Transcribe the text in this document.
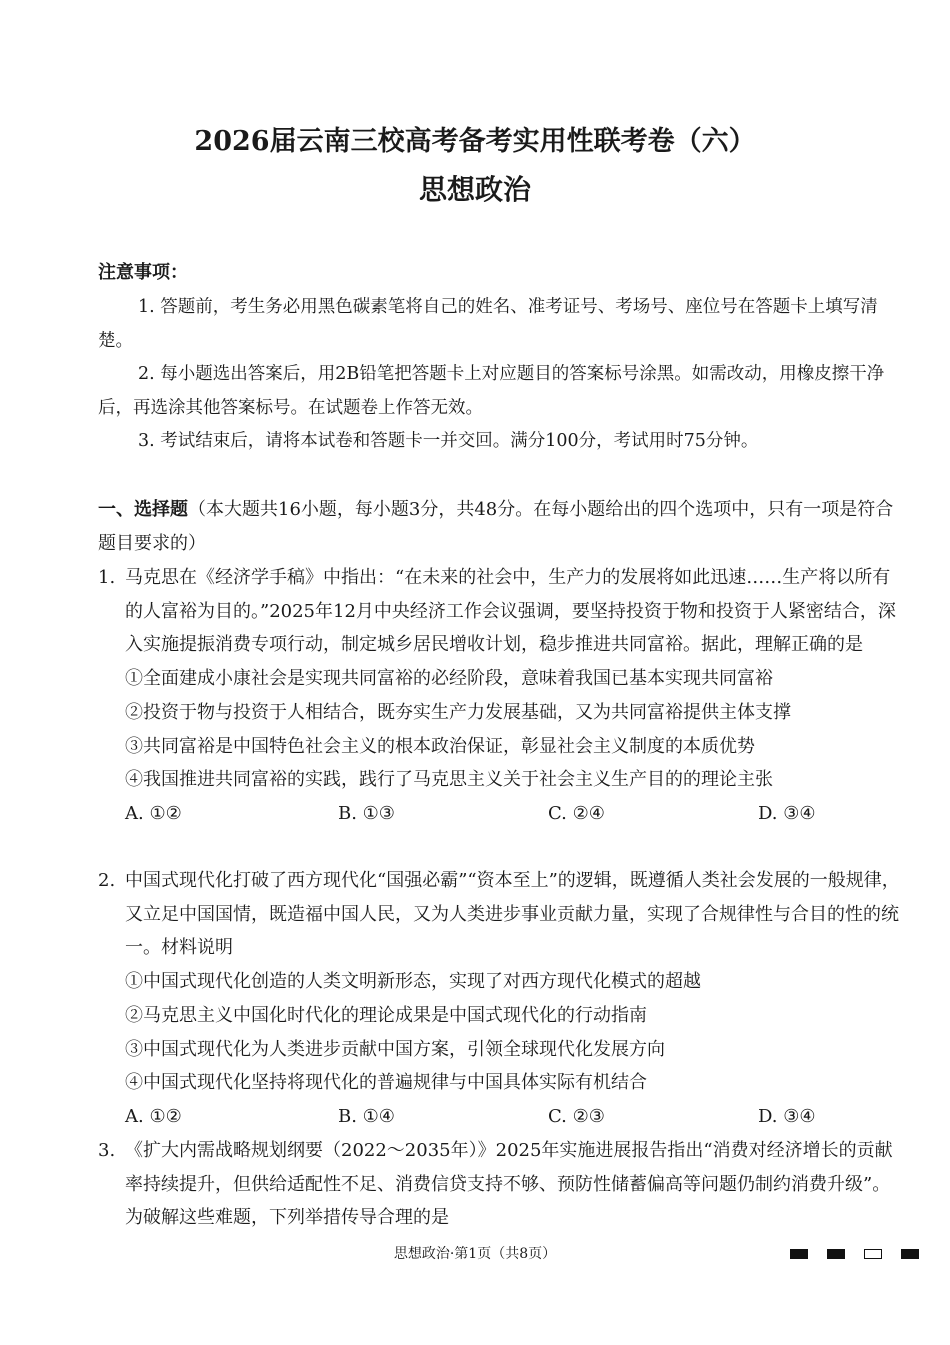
2026届云南三校高考备考实用性联考卷（六）
思想政治
注意事项：
1. 答题前，考生务必用黑色碳素笔将自己的姓名、准考证号、考场号、座位号在答题卡上填写清楚。
2. 每小题选出答案后，用2B铅笔把答题卡上对应题目的答案标号涂黑。如需改动，用橡皮擦干净后，再选涂其他答案标号。在试题卷上作答无效。
3. 考试结束后，请将本试卷和答题卡一并交回。满分100分，考试用时75分钟。
一、选择题（本大题共16小题，每小题3分，共48分。在每小题给出的四个选项中，只有一项是符合题目要求的）
1. 马克思在《经济学手稿》中指出：“在未来的社会中，生产力的发展将如此迅速……生产将以所有的人富裕为目的。”2025年12月中央经济工作会议强调，要坚持投资于物和投资于人紧密结合，深入实施提振消费专项行动，制定城乡居民增收计划，稳步推进共同富裕。据此，理解正确的是
①全面建成小康社会是实现共同富裕的必经阶段，意味着我国已基本实现共同富裕
②投资于物与投资于人相结合，既夯实生产力发展基础，又为共同富裕提供主体支撑
③共同富裕是中国特色社会主义的根本政治保证，彰显社会主义制度的本质优势
④我国推进共同富裕的实践，践行了马克思主义关于社会主义生产目的的理论主张
A. ①②	B. ①③	C. ②④	D. ③④
2. 中国式现代化打破了西方现代化“国强必霸”“资本至上”的逻辑，既遵循人类社会发展的一般规律，又立足中国国情，既造福中国人民，又为人类进步事业贡献力量，实现了合规律性与合目的性的统一。材料说明
①中国式现代化创造的人类文明新形态，实现了对西方现代化模式的超越
②马克思主义中国化时代化的理论成果是中国式现代化的行动指南
③中国式现代化为人类进步贡献中国方案，引领全球现代化发展方向
④中国式现代化坚持将现代化的普遍规律与中国具体实际有机结合
A. ①②	B. ①④	C. ②③	D. ③④
3. 《扩大内需战略规划纲要（2022～2035年）》2025年实施进展报告指出“消费对经济增长的贡献率持续提升，但供给适配性不足、消费信贷支持不够、预防性储蓄偏高等问题仍制约消费升级”。为破解这些难题，下列举措传导合理的是
思想政治·第1页（共8页）
